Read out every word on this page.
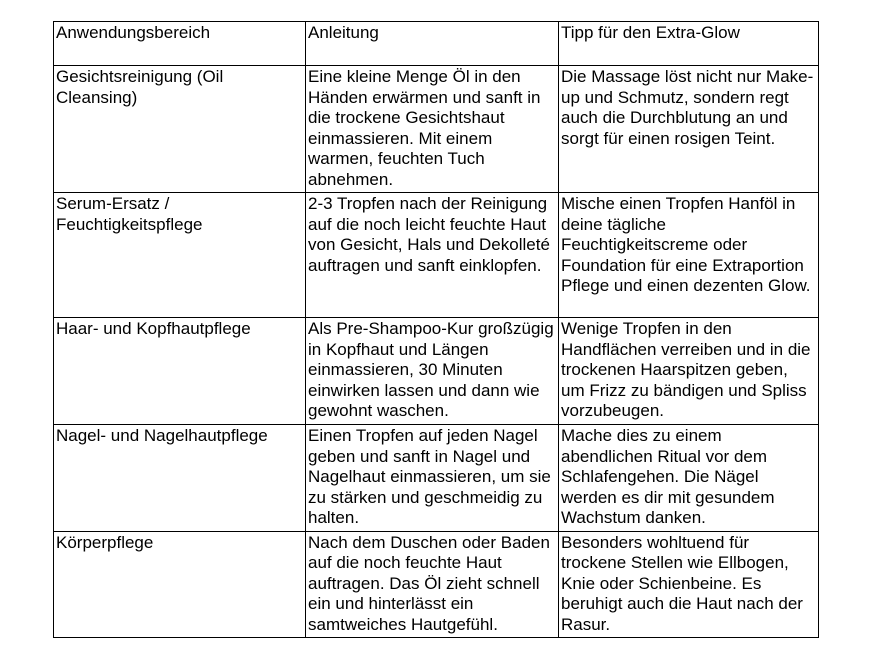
Anwendungsbereich	Anleitung	Tipp für den Extra-Glow
Gesichtsreinigung (Oil Cleansing)	Eine kleine Menge Öl in den Händen erwärmen und sanft in die trockene Gesichtshaut einmassieren. Mit einem warmen, feuchten Tuch abnehmen.	Die Massage löst nicht nur Make-up und Schmutz, sondern regt auch die Durchblutung an und sorgt für einen rosigen Teint.
Serum-Ersatz / Feuchtigkeitspflege	2-3 Tropfen nach der Reinigung auf die noch leicht feuchte Haut von Gesicht, Hals und Dekolleté auftragen und sanft einklopfen.	Mische einen Tropfen Hanföl in deine tägliche Feuchtigkeitscreme oder Foundation für eine Extraportion Pflege und einen dezenten Glow.
Haar- und Kopfhautpflege	Als Pre-Shampoo-Kur großzügig in Kopfhaut und Längen einmassieren, 30 Minuten einwirken lassen und dann wie gewohnt waschen.	Wenige Tropfen in den Handflächen verreiben und in die trockenen Haarspitzen geben, um Frizz zu bändigen und Spliss vorzubeugen.
Nagel- und Nagelhautpflege	Einen Tropfen auf jeden Nagel geben und sanft in Nagel und Nagelhaut einmassieren, um sie zu stärken und geschmeidig zu halten.	Mache dies zu einem abendlichen Ritual vor dem Schlafengehen. Die Nägel werden es dir mit gesundem Wachstum danken.
Körperpflege	Nach dem Duschen oder Baden auf die noch feuchte Haut auftragen. Das Öl zieht schnell ein und hinterlässt ein samtweiches Hautgefühl.	Besonders wohltuend für trockene Stellen wie Ellbogen, Knie oder Schienbeine. Es beruhigt auch die Haut nach der Rasur.
